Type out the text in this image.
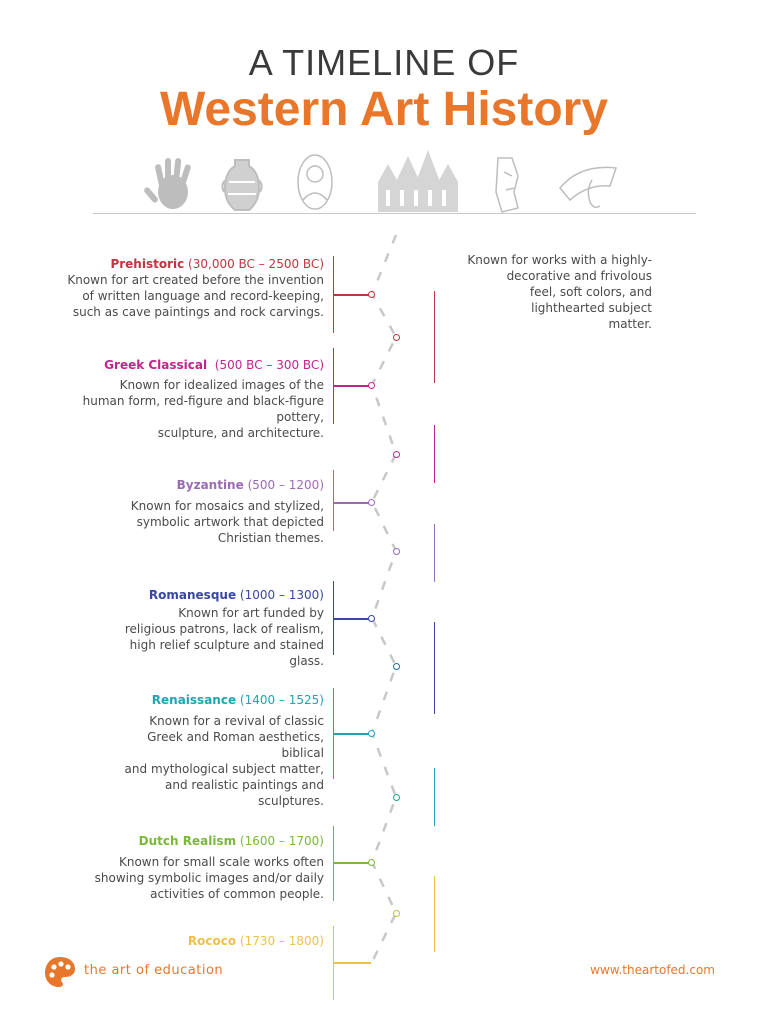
A TIMELINE OF
Western Art History
Prehistoric (30,000 BC – 2500 BC)
Known for art created before the invention
of written language and record-keeping,
such as cave paintings and rock carvings.
Greek Classical (500 BC – 300 BC)
Known for idealized images of the
human form, red-figure and black-figure
pottery,
sculpture, and architecture.
Byzantine (500 – 1200)
Known for mosaics and stylized,
symbolic artwork that depicted
Christian themes.
Romanesque (1000 – 1300)
Known for art funded by
religious patrons, lack of realism,
high relief sculpture and stained
glass.
Renaissance (1400 – 1525)
Known for a revival of classic
Greek and Roman aesthetics,
biblical
and mythological subject matter,
and realistic paintings and
sculptures.
Dutch Realism (1600 – 1700)
Known for small scale works often
showing symbolic images and/or daily
activities of common people.
Rococo (1730 – 1800)
Known for works with a highly-
decorative and frivolous
feel, soft colors, and
lighthearted subject
matter.
the art of education	www.theartofed.com
